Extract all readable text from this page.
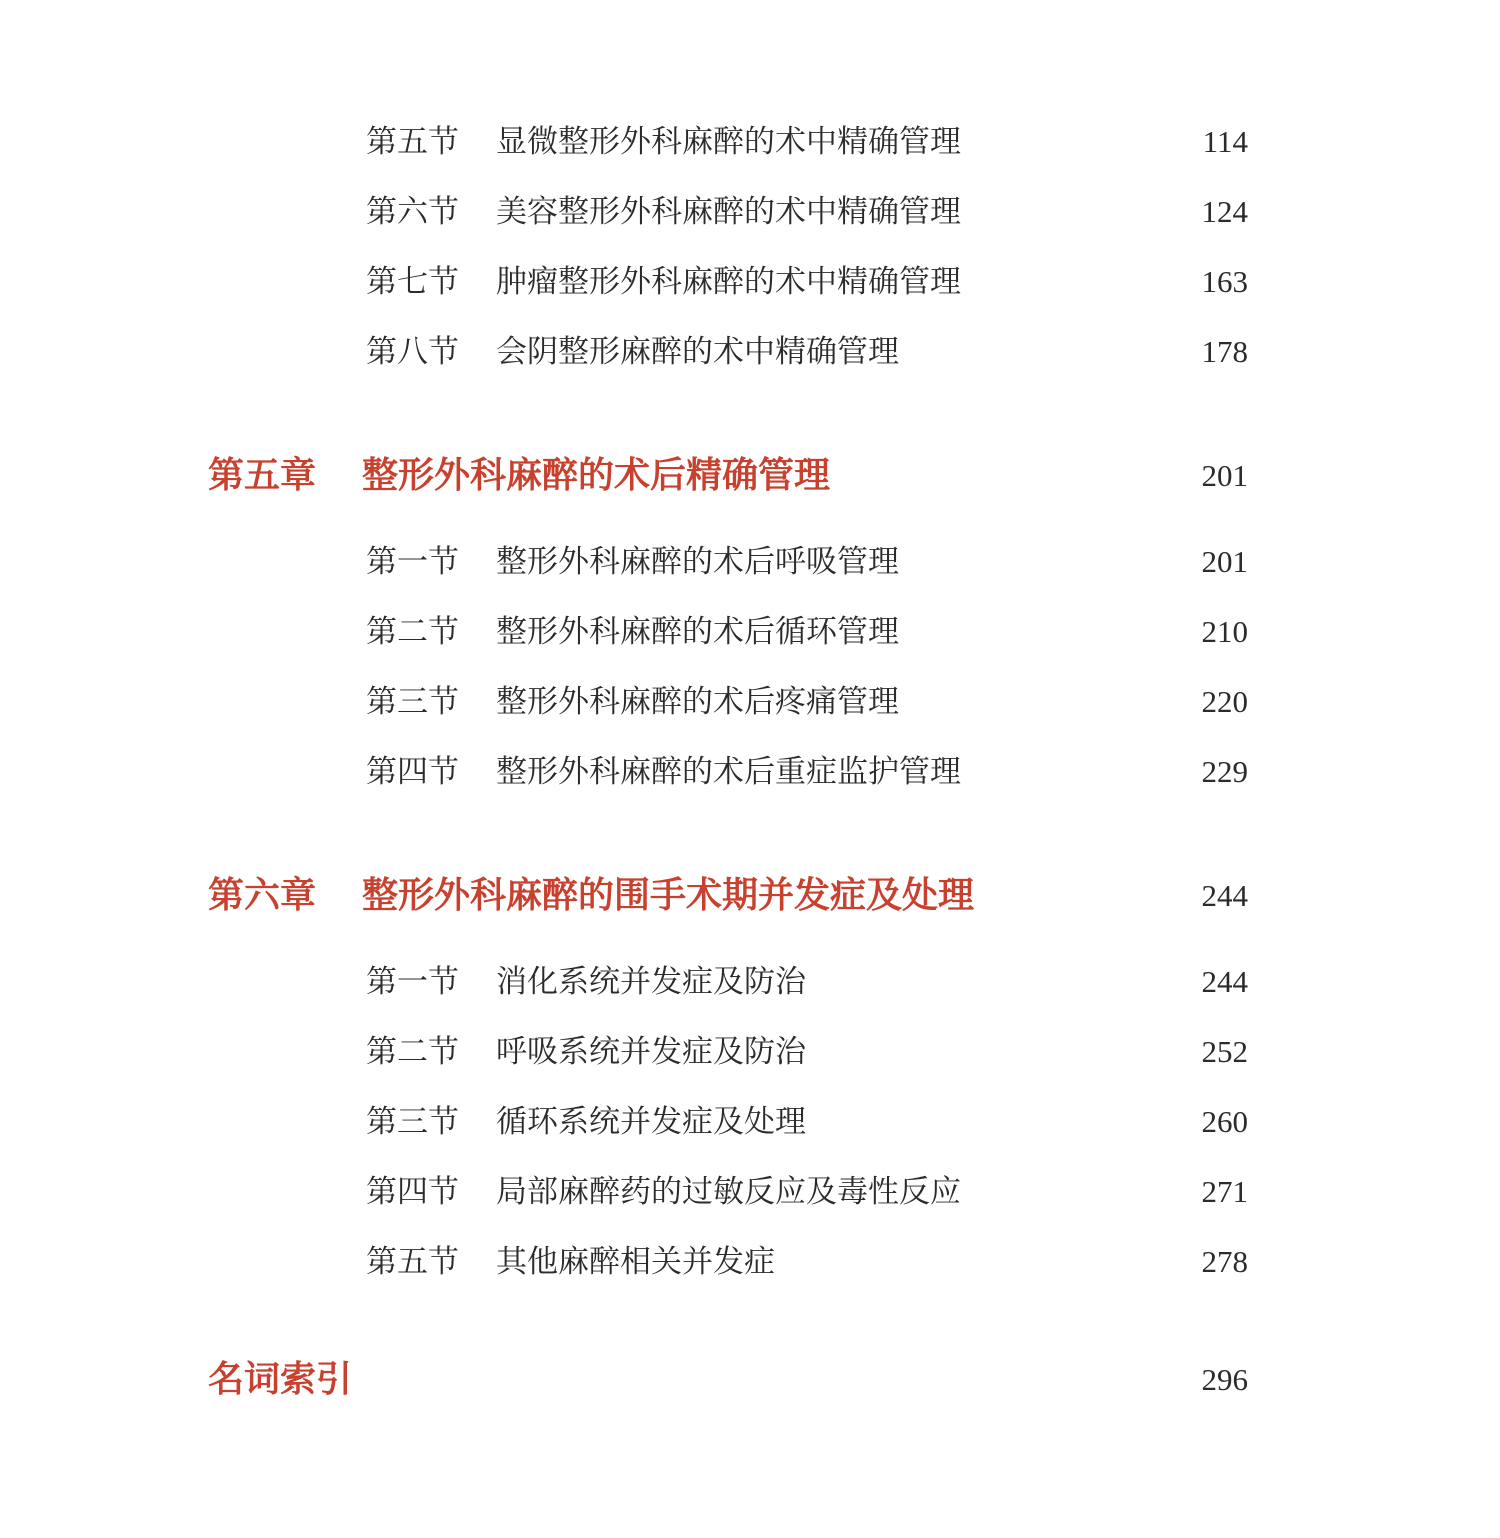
第五节 显微整形外科麻醉的术中精确管理	114
第六节 美容整形外科麻醉的术中精确管理	124
第七节 肿瘤整形外科麻醉的术中精确管理	163
第八节 会阴整形麻醉的术中精确管理	178
第五章 整形外科麻醉的术后精确管理	201
第一节 整形外科麻醉的术后呼吸管理	201
第二节 整形外科麻醉的术后循环管理	210
第三节 整形外科麻醉的术后疼痛管理	220
第四节 整形外科麻醉的术后重症监护管理	229
第六章 整形外科麻醉的围手术期并发症及处理	244
第一节 消化系统并发症及防治	244
第二节 呼吸系统并发症及防治	252
第三节 循环系统并发症及处理	260
第四节 局部麻醉药的过敏反应及毒性反应	271
第五节 其他麻醉相关并发症	278
名词索引	296
